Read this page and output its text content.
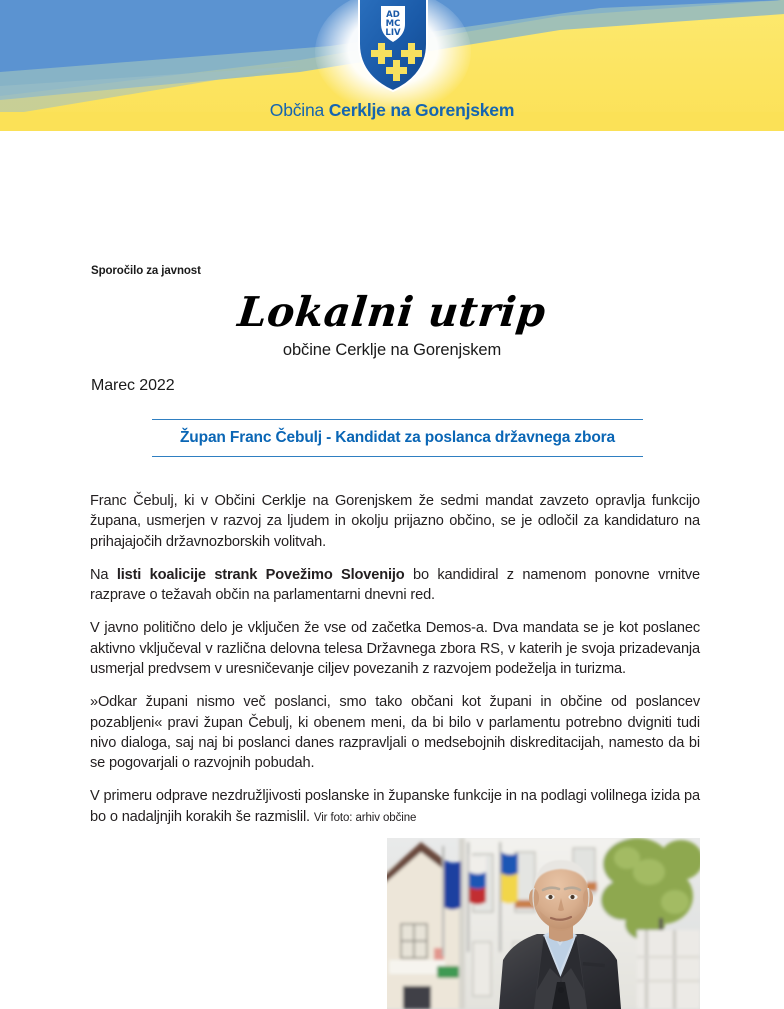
AD
MC
LIV
Občina Cerklje na Gorenjskem
Sporočilo za javnost
Lokalni utrip
občine Cerklje na Gorenjskem
Marec 2022
Župan Franc Čebulj - Kandidat za poslanca državnega zbora

Franc Čebulj, ki v Občini Cerklje na Gorenjskem že sedmi mandat zavzeto opravlja funkcijo župana, usmerjen v razvoj za ljudem in okolju prijazno občino, se je odločil za kandidaturo na prihajajočih državnozborskih volitvah.

Na listi koalicije strank Povežimo Slovenijo bo kandidiral z namenom ponovne vrnitve razprave o težavah občin na parlamentarni dnevni red.

V javno politično delo je vključen že vse od začetka Demos-a. Dva mandata se je kot poslanec aktivno vključeval v različna delovna telesa Državnega zbora RS, v katerih je svoja prizadevanja usmerjal predvsem v uresničevanje ciljev povezanih z razvojem podeželja in turizma.

»Odkar župani nismo več poslanci, smo tako občani kot župani in občine od poslancev pozabljeni« pravi župan Čebulj, ki obenem meni, da bi bilo v parlamentu potrebno dvigniti tudi nivo dialoga, saj naj bi poslanci danes razpravljali o medsebojnih diskreditacijah, namesto da bi se pogovarjali o razvojnih pobudah.

V primeru odprave nezdružljivosti poslanske in županske funkcije in na podlagi volilnega izida pa bo o nadaljnjih korakih še razmislil. Vir foto: arhiv občine
